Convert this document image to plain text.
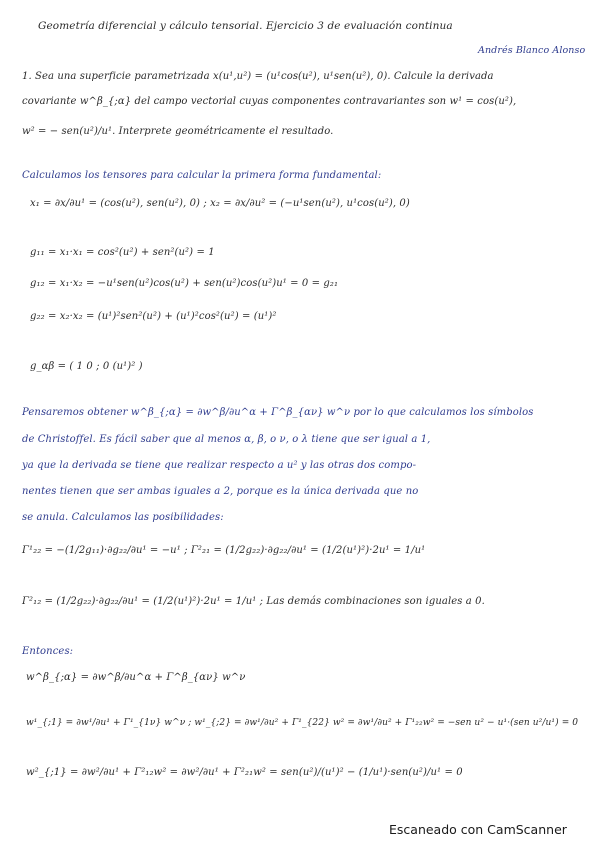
Geometría diferencial y cálculo tensorial. Ejercicio 3 de evaluación continua
Andrés Blanco Alonso
1. Sea una superficie parametrizada x(u¹,u²) = (u¹cos(u²), u¹sen(u²), 0). Calcule la derivada
covariante w^β_{;α} del campo vectorial cuyas componentes contravariantes son w¹ = cos(u²),
w² = − sen(u²)/u¹. Interprete geométricamente el resultado.
Calculamos los tensores para calcular la primera forma fundamental:
x₁ = ∂x/∂u¹ = (cos(u²), sen(u²), 0) ; x₂ = ∂x/∂u² = (−u¹sen(u²), u¹cos(u²), 0)
g₁₁ = x₁·x₁ = cos²(u²) + sen²(u²) = 1
g₁₂ = x₁·x₂ = −u¹sen(u²)cos(u²) + sen(u²)cos(u²)u¹ = 0 = g₂₁
g₂₂ = x₂·x₂ = (u¹)²sen²(u²) + (u¹)²cos²(u²) = (u¹)²
g_αβ = ( 1 0 ; 0 (u¹)² )
Pensaremos obtener w^β_{;α} = ∂w^β/∂u^α + Γ^β_{αν} w^ν por lo que calculamos los símbolos
de Christoffel. Es fácil saber que al menos α, β, o ν, o λ tiene que ser igual a 1,
ya que la derivada se tiene que realizar respecto a u² y las otras dos compo-
nentes tienen que ser ambas iguales a 2, porque es la única derivada que no
se anula. Calculamos las posibilidades:
Γ¹₂₂ = −(1/2g₁₁)·∂g₂₂/∂u¹ = −u¹ ; Γ²₂₁ = (1/2g₂₂)·∂g₂₂/∂u¹ = (1/2(u¹)²)·2u¹ = 1/u¹
Γ²₁₂ = (1/2g₂₂)·∂g₂₂/∂u¹ = (1/2(u¹)²)·2u¹ = 1/u¹ ; Las demás combinaciones son iguales a 0.
Entonces:
w^β_{;α} = ∂w^β/∂u^α + Γ^β_{αν} w^ν
w¹_{;1} = ∂w¹/∂u¹ + Γ¹_{1ν} w^ν ; w¹_{;2} = ∂w¹/∂u² + Γ¹_{22} w² = ∂w¹/∂u² + Γ¹₂₂w² = −sen u² − u¹·(sen u²/u¹) = 0
w²_{;1} = ∂w²/∂u¹ + Γ²₁₂w² = ∂w²/∂u¹ + Γ²₂₁w² = sen(u²)/(u¹)² − (1/u¹)·sen(u²)/u¹ = 0
Escaneado con CamScanner
